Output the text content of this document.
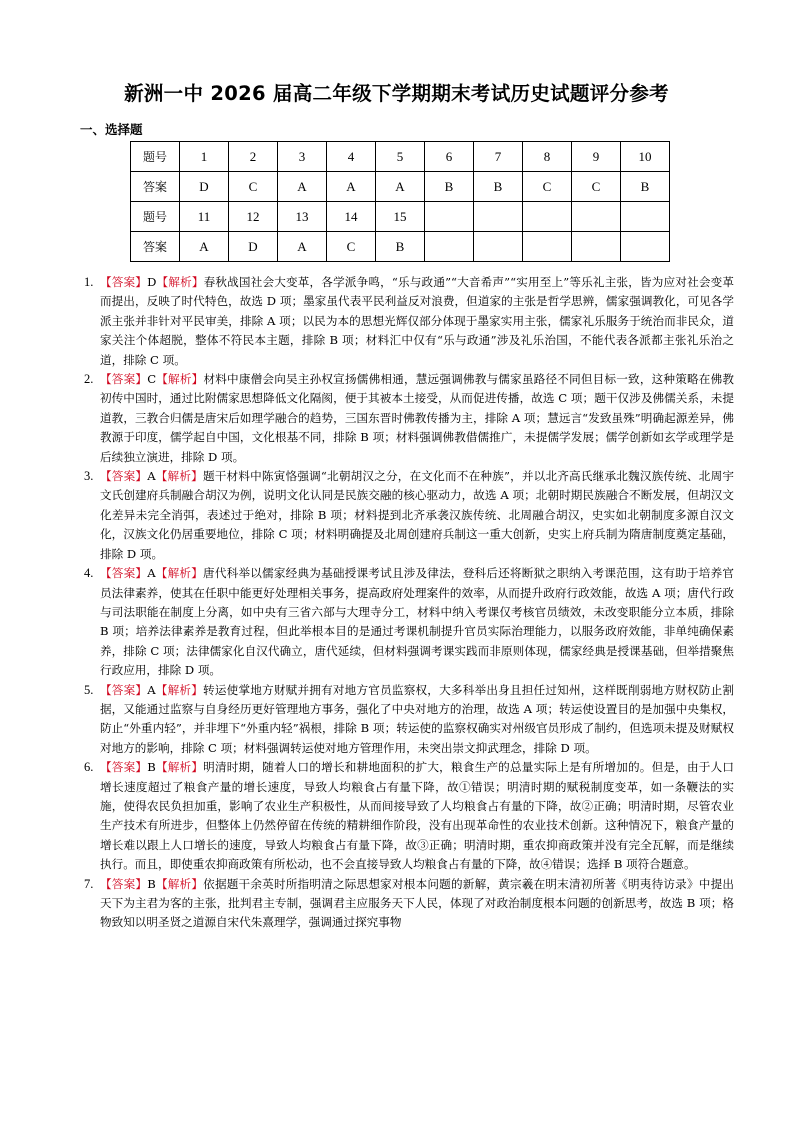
新洲一中 2026 届高二年级下学期期末考试历史试题评分参考
一、选择题
题号	1	2	3	4	5	6	7	8	9	10
答案	D	C	A	A	A	B	B	C	C	B
题号	11	12	13	14	15					
答案	A	D	A	C	B					
1. 【答案】D【解析】春秋战国社会大变革，各学派争鸣，“乐与政通”“大音希声”“实用至上”等乐礼主张，皆为应对社会变革而提出，反映了时代特色，故选 D 项；墨家虽代表平民利益反对浪费，但道家的主张是哲学思辨，儒家强调教化，可见各学派主张并非针对平民审美，排除 A 项；以民为本的思想光辉仅部分体现于墨家实用主张，儒家礼乐服务于统治而非民众，道家关注个体超脱，整体不符民本主题，排除 B 项；材料汇中仅有“乐与政通”涉及礼乐治国，不能代表各派都主张礼乐治之道，排除 C 项。
2. 【答案】C【解析】材料中康僧会向吴主孙权宣扬儒佛相通，慧远强调佛教与儒家虽路径不同但目标一致，这种策略在佛教初传中国时，通过比附儒家思想降低文化隔阂，便于其被本土接受，从而促进传播，故选 C 项；题干仅涉及佛儒关系，未提道教，三教合归儒是唐宋后如理学融合的趋势，三国东晋时佛教传播为主，排除 A 项；慧远言“发致虽殊”明确起源差异，佛教源于印度，儒学起自中国，文化根基不同，排除 B 项；材料强调佛教借儒推广，未提儒学发展；儒学创新如玄学或理学是后续独立演进，排除 D 项。
3. 【答案】A【解析】题干材料中陈寅恪强调“北朝胡汉之分，在文化而不在种族”，并以北齐高氏继承北魏汉族传统、北周宇文氏创建府兵制融合胡汉为例，说明文化认同是民族交融的核心驱动力，故选 A 项；北朝时期民族融合不断发展，但胡汉文化差异未完全消弭，表述过于绝对，排除 B 项；材料提到北齐承袭汉族传统、北周融合胡汉，史实如北朝制度多源自汉文化，汉族文化仍居重要地位，排除 C 项；材料明确提及北周创建府兵制这一重大创新，史实上府兵制为隋唐制度奠定基础，排除 D 项。
4. 【答案】A【解析】唐代科举以儒家经典为基础授课考试且涉及律法，登科后还将断狱之职纳入考课范围，这有助于培养官员法律素养，使其在任职中能更好处理相关事务，提高政府处理案件的效率，从而提升政府行政效能，故选 A 项；唐代行政与司法职能在制度上分离，如中央有三省六部与大理寺分工，材料中纳入考课仅考核官员绩效，未改变职能分立本质，排除 B 项；培养法律素养是教育过程，但此举根本目的是通过考课机制提升官员实际治理能力，以服务政府效能，非单纯确保素养，排除 C 项；法律儒家化自汉代确立，唐代延续，但材料强调考课实践而非原则体现，儒家经典是授课基础，但举措聚焦行政应用，排除 D 项。
5. 【答案】A【解析】转运使掌地方财赋并拥有对地方官员监察权，大多科举出身且担任过知州，这样既削弱地方财权防止割据，又能通过监察与自身经历更好管理地方事务，强化了中央对地方的治理，故选 A 项；转运使设置目的是加强中央集权，防止“外重内轻”，并非埋下“外重内轻”祸根，排除 B 项；转运使的监察权确实对州级官员形成了制约，但选项未提及财赋权对地方的影响，排除 C 项；材料强调转运使对地方管理作用，未突出崇文抑武理念，排除 D 项。
6. 【答案】B【解析】明清时期，随着人口的增长和耕地面积的扩大，粮食生产的总量实际上是有所增加的。但是，由于人口增长速度超过了粮食产量的增长速度，导致人均粮食占有量下降，故①错误；明清时期的赋税制度变革，如一条鞭法的实施，使得农民负担加重，影响了农业生产积极性，从而间接导致了人均粮食占有量的下降，故②正确；明清时期，尽管农业生产技术有所进步，但整体上仍然停留在传统的精耕细作阶段，没有出现革命性的农业技术创新。这种情况下，粮食产量的增长难以跟上人口增长的速度，导致人均粮食占有量下降，故③正确；明清时期，重农抑商政策并没有完全瓦解，而是继续执行。而且，即使重农抑商政策有所松动，也不会直接导致人均粮食占有量的下降，故④错误；选择 B 项符合题意。
7. 【答案】B【解析】依据题干余英时所指明清之际思想家对根本问题的新解，黄宗羲在明末清初所著《明夷待访录》中提出天下为主君为客的主张，批判君主专制，强调君主应服务天下人民，体现了对政治制度根本问题的创新思考，故选 B 项；格物致知以明圣贤之道源自宋代朱熹理学，强调通过探究事物
